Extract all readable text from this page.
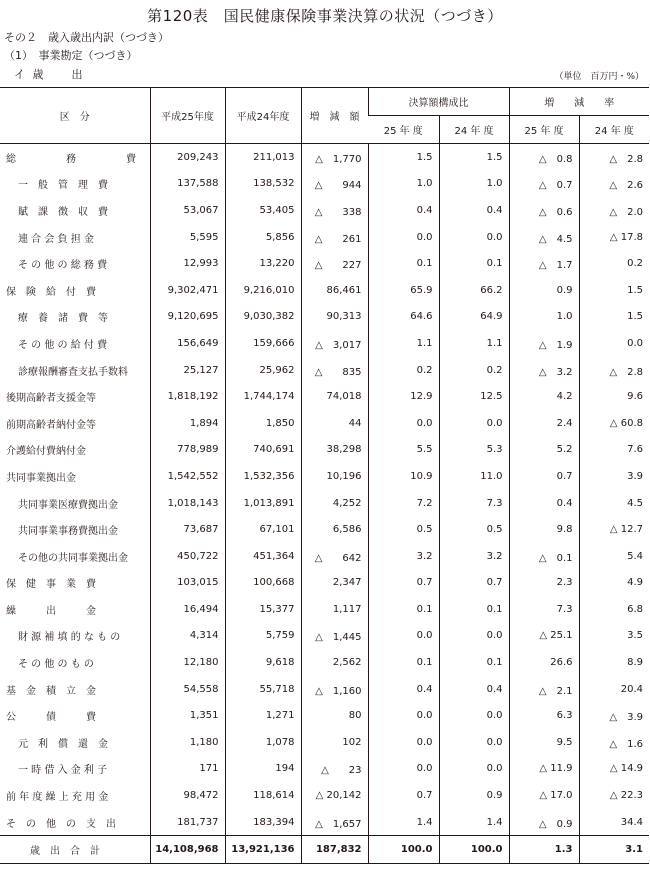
第120表　国民健康保険事業決算の状況（つづき）
その２　歳入歳出内訳（つづき）
（1）　事業勘定（つづき）
イ 歳　　出	（単位　百万円・%）
区　分	平成25年度	平成24年度	増　減　額	決算額構成比		増　　減　　率	
				25 年 度	24 年 度	25 年 度	24 年 度

総　　　　　務　　　　　費	209,243	211,013	△　1,770	1.5	1.5	△　0.8	△　2.8

一　般　管　理　費	137,588	138,532	△　　944	1.0	1.0	△　0.7	△　2.6

賦　課　徴　収　費	53,067	53,405	△　　338	0.4	0.4	△　0.6	△　2.0

連 合 会 負 担 金	5,595	5,856	△　　261	0.0	0.0	△　4.5	△ 17.8

そ の 他 の 総 務 費	12,993	13,220	△　　227	0.1	0.1	△　1.7	0.2

保　険　給　付　費	9,302,471	9,216,010	86,461	65.9	66.2	0.9	1.5

療　養　諸　費　等	9,120,695	9,030,382	90,313	64.6	64.9	1.0	1.5

そ の 他 の 給 付 費	156,649	159,666	△　3,017	1.1	1.1	△　1.9	0.0

診療報酬審査支払手数料	25,127	25,962	△　　835	0.2	0.2	△　3.2	△　2.8

後期高齢者支援金等	1,818,192	1,744,174	74,018	12.9	12.5	4.2	9.6

前期高齢者納付金等	1,894	1,850	44	0.0	0.0	2.4	△ 60.8

介護給付費納付金	778,989	740,691	38,298	5.5	5.3	5.2	7.6

共同事業拠出金	1,542,552	1,532,356	10,196	10.9	11.0	0.7	3.9

共同事業医療費拠出金	1,018,143	1,013,891	4,252	7.2	7.3	0.4	4.5

共同事業事務費拠出金	73,687	67,101	6,586	0.5	0.5	9.8	△ 12.7

その他の共同事業拠出金	450,722	451,364	△　　642	3.2	3.2	△　0.1	5.4

保　健　事　業　費	103,015	100,668	2,347	0.7	0.7	2.3	4.9

繰　　　出　　　金	16,494	15,377	1,117	0.1	0.1	7.3	6.8

財 源 補 填 的 な も の	4,314	5,759	△　1,445	0.0	0.0	△ 25.1	3.5

そ の 他 の も の	12,180	9,618	2,562	0.1	0.1	26.6	8.9

基　金　積　立　金	54,558	55,718	△　1,160	0.4	0.4	△　2.1	20.4

公　　　債　　　費	1,351	1,271	80	0.0	0.0	6.3	△　3.9

元　利　償　還　金	1,180	1,078	102	0.0	0.0	9.5	△　1.6

一 時 借 入 金 利 子	171	194	△　　23	0.0	0.0	△ 11.9	△ 14.9

前 年 度 繰 上 充 用 金	98,472	118,614	△ 20,142	0.7	0.9	△ 17.0	△ 22.3

そ　の　他　の　支　出	181,737	183,394	△　1,657	1.4	1.4	△　0.9	34.4

歳　出　合　計	14,108,968	13,921,136	187,832	100.0	100.0	1.3	3.1
